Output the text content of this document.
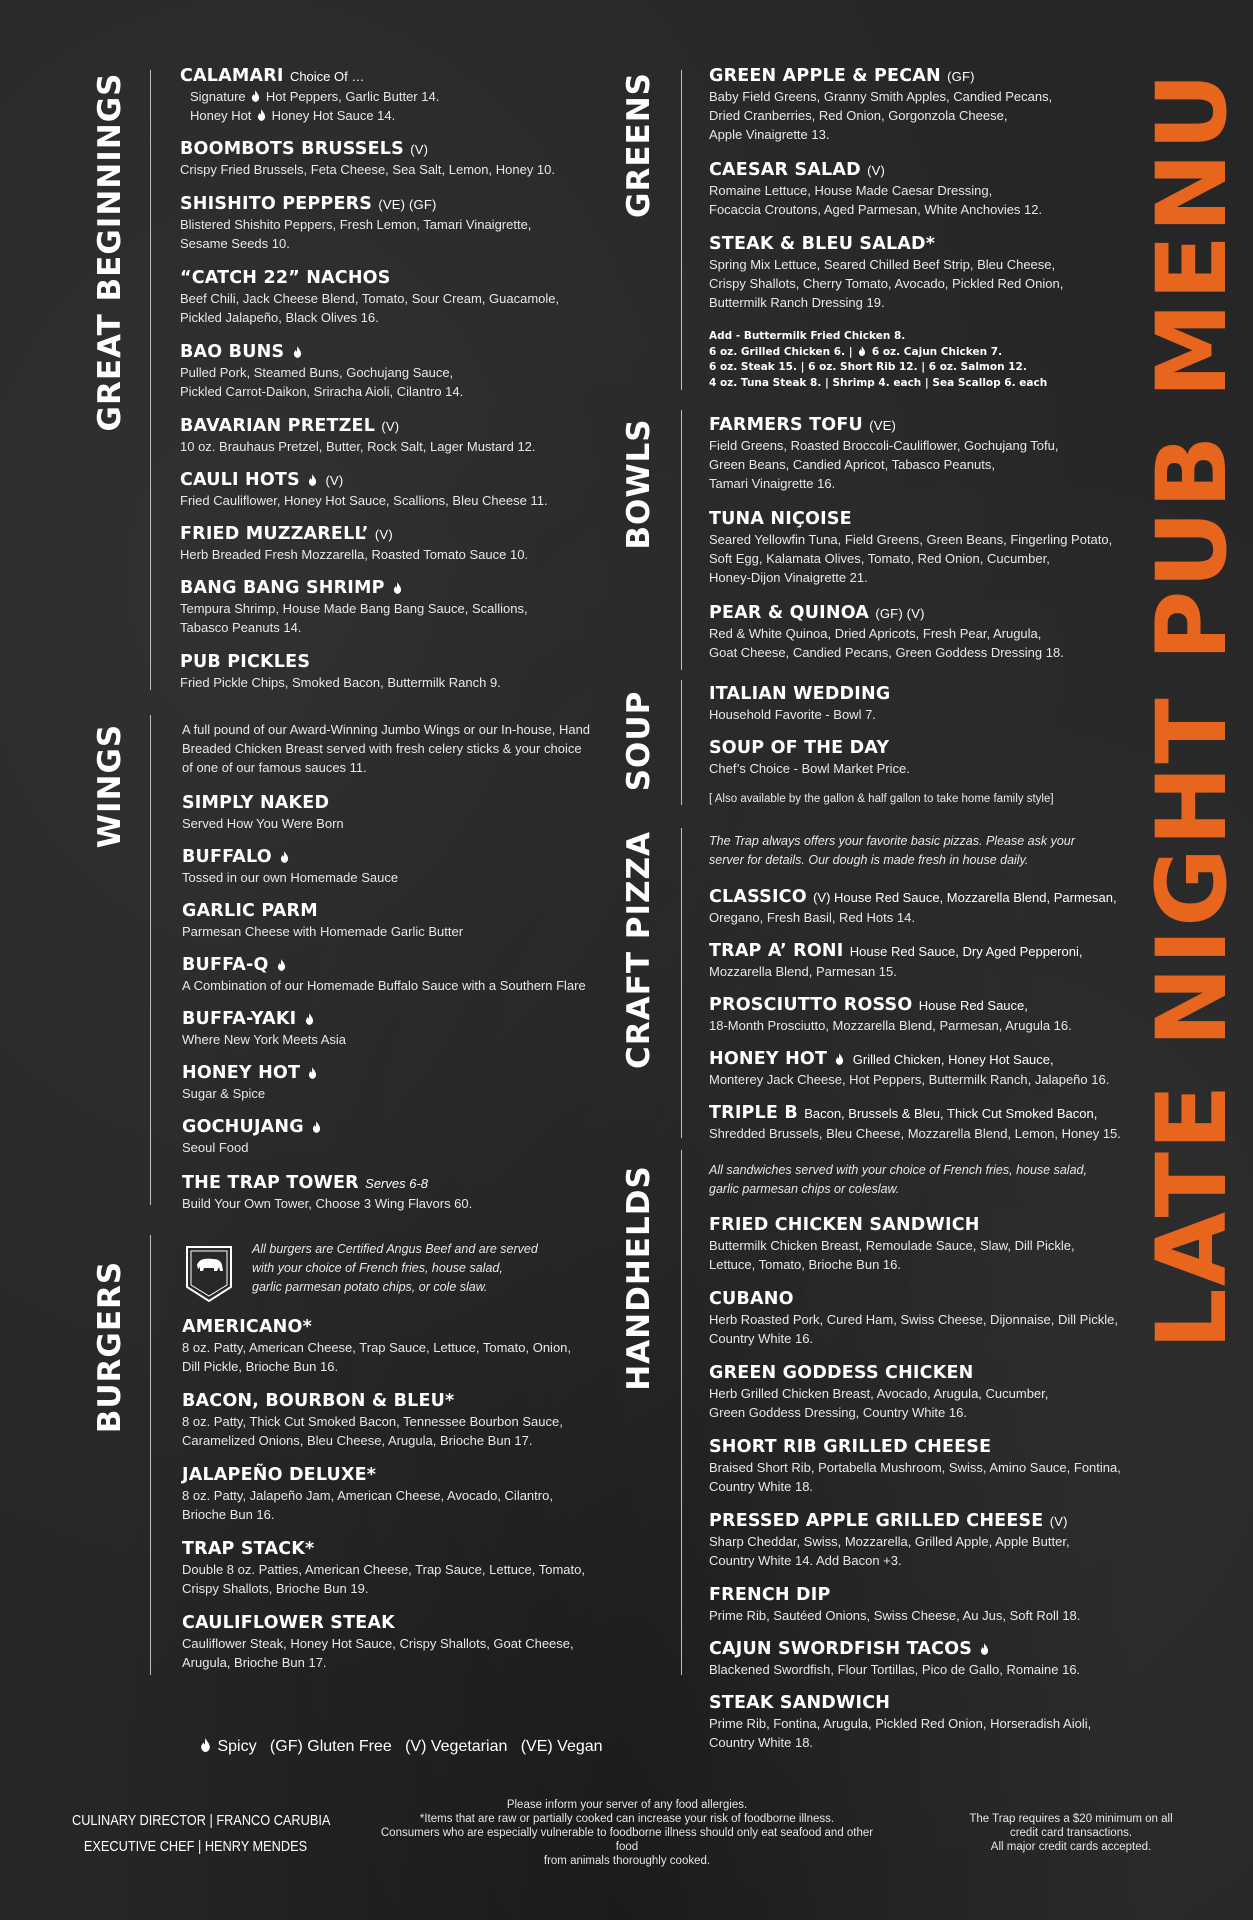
GREAT BEGINNINGS
WINGS
BURGERS
GREENS
BOWLS
SOUP
CRAFT PIZZA
HANDHELDS	LATE NIGHT PUB MENU
CALAMARI Choice Of …
Signature Hot Peppers, Garlic Butter 14.
Honey Hot Honey Hot Sauce 14.
BOOMBOTS BRUSSELS (V)
Crispy Fried Brussels, Feta Cheese, Sea Salt, Lemon, Honey 10.
SHISHITO PEPPERS (VE) (GF)
Blistered Shishito Peppers, Fresh Lemon, Tamari Vinaigrette,
Sesame Seeds 10.
“CATCH 22” NACHOS
Beef Chili, Jack Cheese Blend, Tomato, Sour Cream, Guacamole,
Pickled Jalapeño, Black Olives 16.
BAO BUNS
Pulled Pork, Steamed Buns, Gochujang Sauce,
Pickled Carrot-Daikon, Sriracha Aioli, Cilantro 14.
BAVARIAN PRETZEL (V)
10 oz. Brauhaus Pretzel, Butter, Rock Salt, Lager Mustard 12.
CAULI HOTS (V)
Fried Cauliflower, Honey Hot Sauce, Scallions, Bleu Cheese 11.
FRIED MUZZARELL’ (V)
Herb Breaded Fresh Mozzarella, Roasted Tomato Sauce 10.
BANG BANG SHRIMP
Tempura Shrimp, House Made Bang Bang Sauce, Scallions,
Tabasco Peanuts 14.
PUB PICKLES
Fried Pickle Chips, Smoked Bacon, Buttermilk Ranch 9.
A full pound of our Award-Winning Jumbo Wings or our In-house, Hand
Breaded Chicken Breast served with fresh celery sticks & your choice
of one of our famous sauces 11.
SIMPLY NAKED
Served How You Were Born
BUFFALO
Tossed in our own Homemade Sauce
GARLIC PARM
Parmesan Cheese with Homemade Garlic Butter
BUFFA-Q
A Combination of our Homemade Buffalo Sauce with a Southern Flare
BUFFA-YAKI
Where New York Meets Asia
HONEY HOT
Sugar & Spice
GOCHUJANG
Seoul Food
THE TRAP TOWER Serves 6-8
Build Your Own Tower, Choose 3 Wing Flavors 60.
All burgers are Certified Angus Beef and are served
with your choice of French fries, house salad,
garlic parmesan potato chips, or cole slaw.
AMERICANO*
8 oz. Patty, American Cheese, Trap Sauce, Lettuce, Tomato, Onion,
Dill Pickle, Brioche Bun 16.
BACON, BOURBON & BLEU*
8 oz. Patty, Thick Cut Smoked Bacon, Tennessee Bourbon Sauce,
Caramelized Onions, Bleu Cheese, Arugula, Brioche Bun 17.
JALAPEÑO DELUXE*
8 oz. Patty, Jalapeño Jam, American Cheese, Avocado, Cilantro,
Brioche Bun 16.
TRAP STACK*
Double 8 oz. Patties, American Cheese, Trap Sauce, Lettuce, Tomato,
Crispy Shallots, Brioche Bun 19.
CAULIFLOWER STEAK
Cauliflower Steak, Honey Hot Sauce, Crispy Shallots, Goat Cheese,
Arugula, Brioche Bun 17.
GREEN APPLE & PECAN (GF)
Baby Field Greens, Granny Smith Apples, Candied Pecans,
Dried Cranberries, Red Onion, Gorgonzola Cheese,
Apple Vinaigrette 13.
CAESAR SALAD (V)
Romaine Lettuce, House Made Caesar Dressing,
Focaccia Croutons, Aged Parmesan, White Anchovies 12.
STEAK & BLEU SALAD*
Spring Mix Lettuce, Seared Chilled Beef Strip, Bleu Cheese,
Crispy Shallots, Cherry Tomato, Avocado, Pickled Red Onion,
Buttermilk Ranch Dressing 19.
Add - Buttermilk Fried Chicken 8.
6 oz. Grilled Chicken 6. | 6 oz. Cajun Chicken 7.
6 oz. Steak 15. | 6 oz. Short Rib 12. | 6 oz. Salmon 12.
4 oz. Tuna Steak 8. | Shrimp 4. each | Sea Scallop 6. each
FARMERS TOFU (VE)
Field Greens, Roasted Broccoli-Cauliflower, Gochujang Tofu,
Green Beans, Candied Apricot, Tabasco Peanuts,
Tamari Vinaigrette 16.
TUNA NIÇOISE
Seared Yellowfin Tuna, Field Greens, Green Beans, Fingerling Potato,
Soft Egg, Kalamata Olives, Tomato, Red Onion, Cucumber,
Honey-Dijon Vinaigrette 21.
PEAR & QUINOA (GF) (V)
Red & White Quinoa, Dried Apricots, Fresh Pear, Arugula,
Goat Cheese, Candied Pecans, Green Goddess Dressing 18.
ITALIAN WEDDING
Household Favorite - Bowl 7.
SOUP OF THE DAY
Chef’s Choice - Bowl Market Price.
[ Also available by the gallon & half gallon to take home family style]
The Trap always offers your favorite basic pizzas. Please ask your
server for details. Our dough is made fresh in house daily.
CLASSICO (V) House Red Sauce, Mozzarella Blend, Parmesan,
Oregano, Fresh Basil, Red Hots 14.
TRAP A’ RONI House Red Sauce, Dry Aged Pepperoni,
Mozzarella Blend, Parmesan 15.
PROSCIUTTO ROSSO House Red Sauce,
18-Month Prosciutto, Mozzarella Blend, Parmesan, Arugula 16.
HONEY HOT Grilled Chicken, Honey Hot Sauce,
Monterey Jack Cheese, Hot Peppers, Buttermilk Ranch, Jalapeño 16.
TRIPLE B Bacon, Brussels & Bleu, Thick Cut Smoked Bacon,
Shredded Brussels, Bleu Cheese, Mozzarella Blend, Lemon, Honey 15.
All sandwiches served with your choice of French fries, house salad,
garlic parmesan chips or coleslaw.
FRIED CHICKEN SANDWICH
Buttermilk Chicken Breast, Remoulade Sauce, Slaw, Dill Pickle,
Lettuce, Tomato, Brioche Bun 16.
CUBANO
Herb Roasted Pork, Cured Ham, Swiss Cheese, Dijonnaise, Dill Pickle,
Country White 16.
GREEN GODDESS CHICKEN
Herb Grilled Chicken Breast, Avocado, Arugula, Cucumber,
Green Goddess Dressing, Country White 16.
SHORT RIB GRILLED CHEESE
Braised Short Rib, Portabella Mushroom, Swiss, Amino Sauce, Fontina,
Country White 18.
PRESSED APPLE GRILLED CHEESE (V)
Sharp Cheddar, Swiss, Mozzarella, Grilled Apple, Apple Butter,
Country White 14. Add Bacon +3.
FRENCH DIP
Prime Rib, Sautéed Onions, Swiss Cheese, Au Jus, Soft Roll 18.
CAJUN SWORDFISH TACOS
Blackened Swordfish, Flour Tortillas, Pico de Gallo, Romaine 16.
STEAK SANDWICH
Prime Rib, Fontina, Arugula, Pickled Red Onion, Horseradish Aioli,
Country White 18.
Spicy (GF) Gluten Free (V) Vegetarian (VE) Vegan
CULINARY DIRECTOR | FRANCO CARUBIA
EXECUTIVE CHEF | HENRY MENDES
Please inform your server of any food allergies.
*Items that are raw or partially cooked can increase your risk of foodborne illness.
Consumers who are especially vulnerable to foodborne illness should only eat seafood and other food
from animals thoroughly cooked.
The Trap requires a $20 minimum on all
credit card transactions.
All major credit cards accepted.
